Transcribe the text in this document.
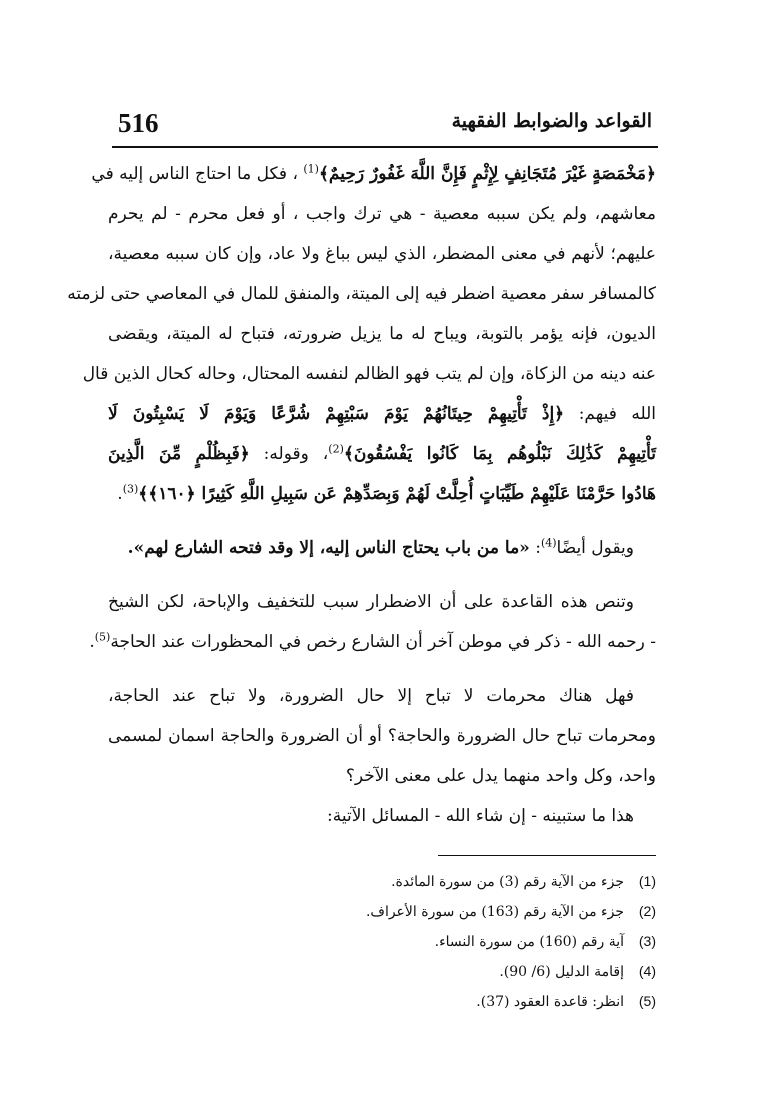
516	القواعد والضوابط الفقهية
﴿مَخْمَصَةٍ غَيْرَ مُتَجَانِفٍ لِإِثْمٍ فَإِنَّ اللَّهَ غَفُورٌ رَحِيمٌ﴾$^{(1)}$ ، فكل ما احتاج الناس إليه في
معاشهم، ولم يكن سببه معصية - هي ترك واجب ، أو فعل محرم - لم يحرم
عليهم؛ لأنهم في معنى المضطر، الذي ليس بباغ ولا عاد، وإن كان سببه معصية،
كالمسافر سفر معصية اضطر فيه إلى الميتة، والمنفق للمال في المعاصي حتى لزمته
الديون، فإنه يؤمر بالتوبة، ويباح له ما يزيل ضرورته، فتباح له الميتة، ويقضى
عنه دينه من الزكاة، وإن لم يتب فهو الظالم لنفسه المحتال، وحاله كحال الذين قال
الله فيهم: ﴿إِذْ تَأْتِيهِمْ حِيتَانُهُمْ يَوْمَ سَبْتِهِمْ شُرَّعًا وَيَوْمَ لَا يَسْبِتُونَ لَا
تَأْتِيهِمْ كَذَٰلِكَ نَبْلُوهُم بِمَا كَانُوا يَفْسُقُونَ﴾$^{(2)}$، وقوله: ﴿فَبِظُلْمٍ مِّنَ الَّذِينَ
هَادُوا حَرَّمْنَا عَلَيْهِمْ طَيِّبَاتٍ أُحِلَّتْ لَهُمْ وَبِصَدِّهِمْ عَن سَبِيلِ اللَّهِ كَثِيرًا ﴿١٦٠﴾﴾$^{(3)}$.
ويقول أيضًا$^{(4)}$: «ما من باب يحتاج الناس إليه، إلا وقد فتحه الشارع لهم».
وتنص هذه القاعدة على أن الاضطرار سبب للتخفيف والإباحة، لكن الشيخ
- رحمه الله - ذكر في موطن آخر أن الشارع رخص في المحظورات عند الحاجة$^{(5)}$.
فهل هناك محرمات لا تباح إلا حال الضرورة، ولا تباح عند الحاجة،
ومحرمات تباح حال الضرورة والحاجة؟ أو أن الضرورة والحاجة اسمان لمسمى
واحد، وكل واحد منهما يدل على معنى الآخر؟
هذا ما ستبينه - إن شاء الله - المسائل الآتية:
(1)جزء من الآية رقم (3) من سورة المائدة.
(2)جزء من الآية رقم (163) من سورة الأعراف.
(3)آية رقم (160) من سورة النساء.
(4)إقامة الدليل (6/ 90).
(5)انظر: قاعدة العقود (37).
